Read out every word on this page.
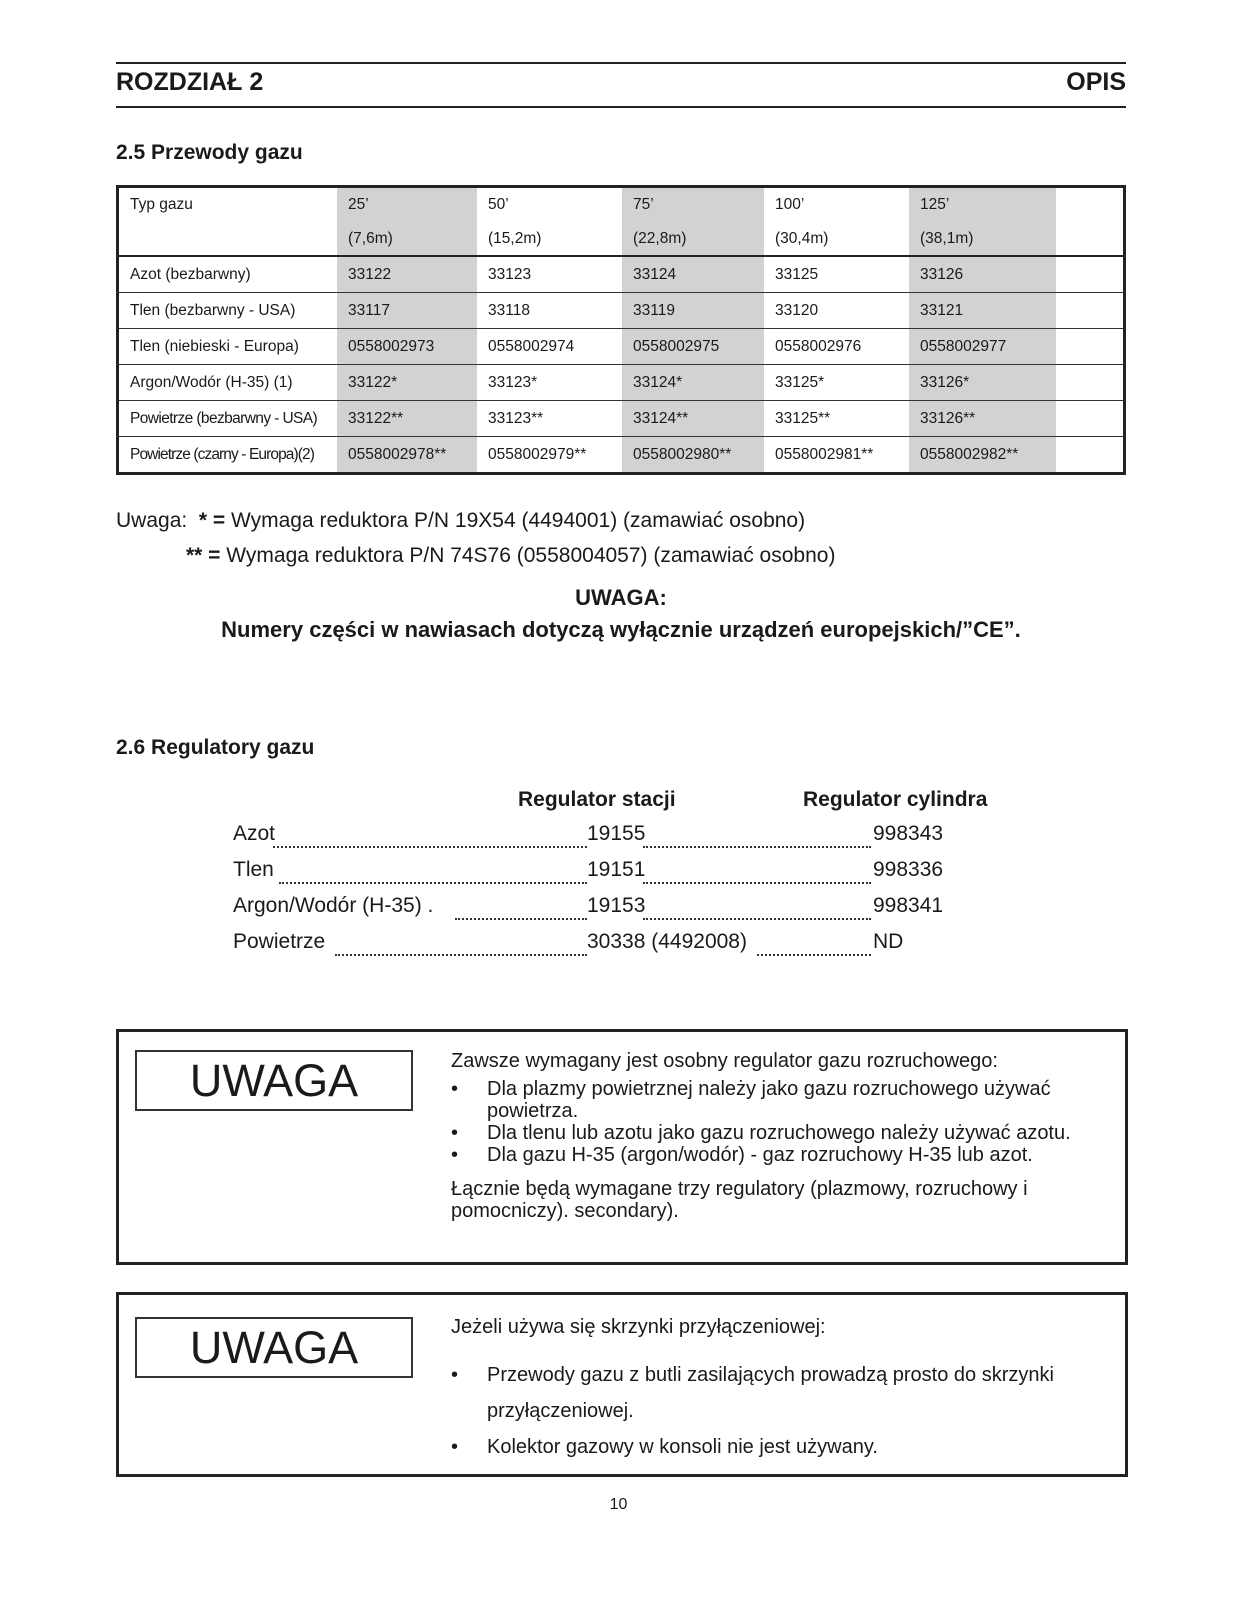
ROZDZIAŁ 2	OPIS
2.5 Przewody gazu
Typ gazu	25’	50’	75’	100’	125’	
	(7,6m)	(15,2m)	(22,8m)	(30,4m)	(38,1m)	
Azot (bezbarwny)	33122	33123	33124	33125	33126	
Tlen (bezbarwny - USA)	33117	33118	33119	33120	33121	
Tlen (niebieski - Europa)	0558002973	0558002974	0558002975	0558002976	0558002977	
Argon/Wodór (H-35) (1)	33122*	33123*	33124*	33125*	33126*	
Powietrze (bezbarwny - USA)	33122**	33123**	33124**	33125**	33126**	
Powietrze (czarny - Europa)(2)	0558002978**	0558002979**	0558002980**	0558002981**	0558002982**	
Uwaga: * = Wymaga reduktora P/N 19X54 (4494001) (zamawiać osobno)
** = Wymaga reduktora P/N 74S76 (0558004057) (zamawiać osobno)
UWAGA:
Numery części w nawiasach dotyczą wyłącznie urządzeń europejskich/”CE”.
2.6 Regulatory gazu
Regulator stacji	Regulator cylindra
Azot	19155	998343
Tlen	19151	998336
Argon/Wodór (H-35) .	19153	998341
Powietrze	30338 (4492008)	ND
UWAGA	Zawsze wymagany jest osobny regulator gazu rozruchowego:

• Dla plazmy powietrznej należy jako gazu rozruchowego używać powietrza.
• Dla tlenu lub azotu jako gazu rozruchowego należy używać azotu.
• Dla gazu H-35 (argon/wodór) - gaz rozruchowy H-35 lub azot.

Łącznie będą wymagane trzy regulatory (plazmowy, rozruchowy i pomocniczy). secondary).

UWAGA	Jeżeli używa się skrzynki przyłączeniowej:

• Przewody gazu z butli zasilających prowadzą prosto do skrzynki przyłączeniowej.
• Kolektor gazowy w konsoli nie jest używany.
10
